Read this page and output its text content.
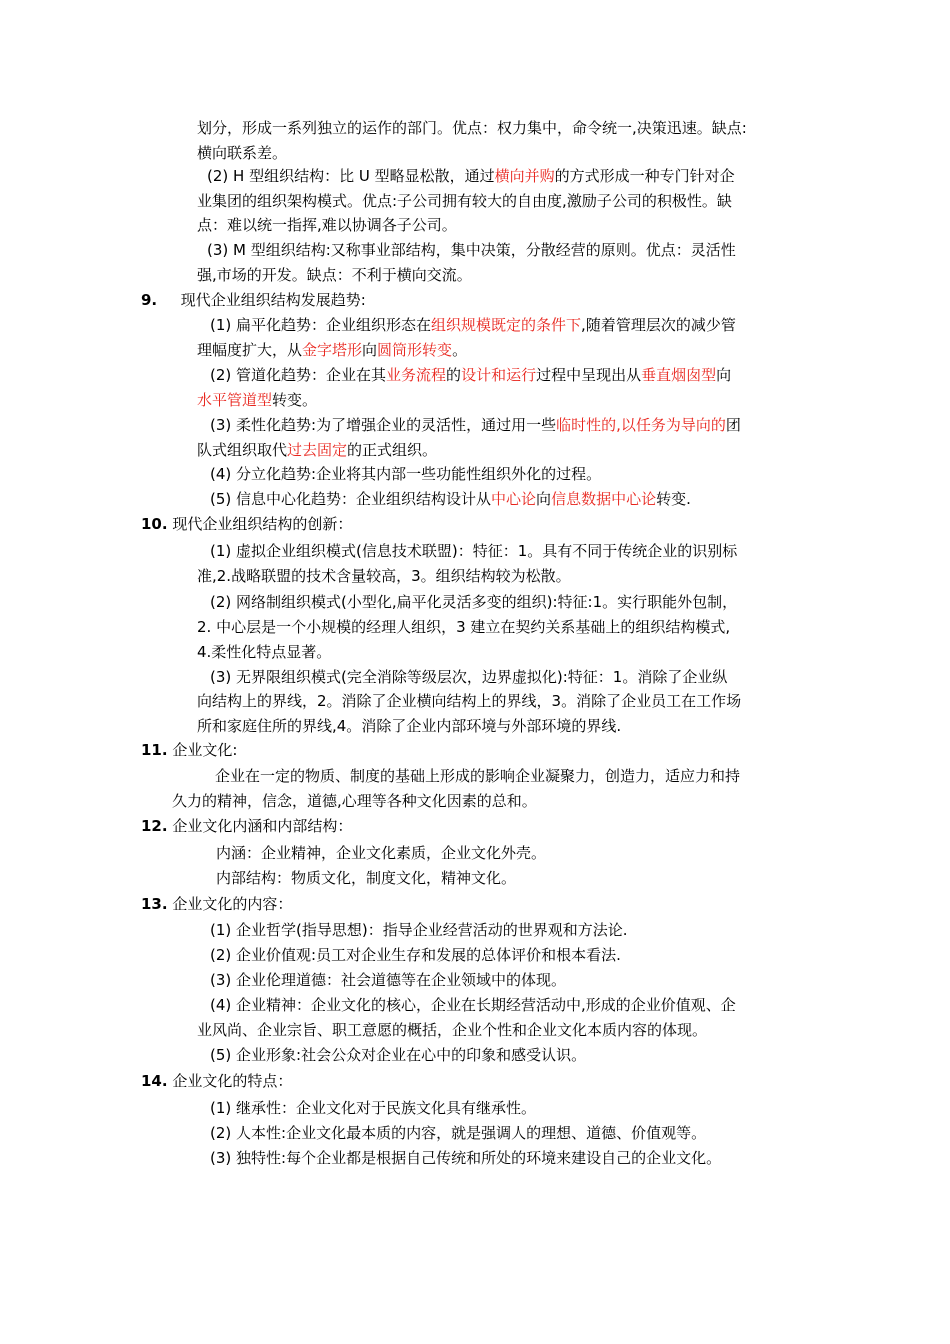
划分，形成一系列独立的运作的部门。优点：权力集中，命令统一,决策迅速。缺点:
横向联系差。
(2) H 型组织结构：比 U 型略显松散，通过横向并购的方式形成一种专门针对企
业集团的组织架构模式。优点:子公司拥有较大的自由度,激励子公司的积极性。缺
点：难以统一指挥,难以协调各子公司。
(3) M 型组织结构:又称事业部结构，集中决策，分散经营的原则。优点：灵活性
强,市场的开发。缺点：不利于横向交流。
9. 现代企业组织结构发展趋势:
(1) 扁平化趋势：企业组织形态在组织规模既定的条件下,随着管理层次的减少管
理幅度扩大，从金字塔形向圆筒形转变。
(2) 管道化趋势：企业在其业务流程的设计和运行过程中呈现出从垂直烟囱型向
水平管道型转变。
(3) 柔性化趋势:为了增强企业的灵活性，通过用一些临时性的,以任务为导向的团
队式组织取代过去固定的正式组织。
(4) 分立化趋势:企业将其内部一些功能性组织外化的过程。
(5) 信息中心化趋势：企业组织结构设计从中心论向信息数据中心论转变.
10. 现代企业组织结构的创新：
(1) 虚拟企业组织模式(信息技术联盟)：特征：1。具有不同于传统企业的识别标
准,2.战略联盟的技术含量较高，3。组织结构较为松散。
(2) 网络制组织模式(小型化,扁平化灵活多变的组织):特征:1。实行职能外包制，
2. 中心层是一个小规模的经理人组织，3 建立在契约关系基础上的组织结构模式,
4.柔性化特点显著。
(3) 无界限组织模式(完全消除等级层次，边界虚拟化):特征：1。消除了企业纵
向结构上的界线，2。消除了企业横向结构上的界线，3。消除了企业员工在工作场
所和家庭住所的界线,4。消除了企业内部环境与外部环境的界线.
11. 企业文化:
企业在一定的物质、制度的基础上形成的影响企业凝聚力，创造力，适应力和持
久力的精神，信念，道德,心理等各种文化因素的总和。
12. 企业文化内涵和内部结构：
内涵：企业精神，企业文化素质，企业文化外壳。
内部结构：物质文化，制度文化，精神文化。
13. 企业文化的内容：
(1) 企业哲学(指导思想)：指导企业经营活动的世界观和方法论.
(2) 企业价值观:员工对企业生存和发展的总体评价和根本看法.
(3) 企业伦理道德：社会道德等在企业领域中的体现。
(4) 企业精神：企业文化的核心，企业在长期经营活动中,形成的企业价值观、企
业风尚、企业宗旨、职工意愿的概括，企业个性和企业文化本质内容的体现。
(5) 企业形象:社会公众对企业在心中的印象和感受认识。
14. 企业文化的特点：
(1) 继承性：企业文化对于民族文化具有继承性。
(2) 人本性:企业文化最本质的内容，就是强调人的理想、道德、价值观等。
(3) 独特性:每个企业都是根据自己传统和所处的环境来建设自己的企业文化。
